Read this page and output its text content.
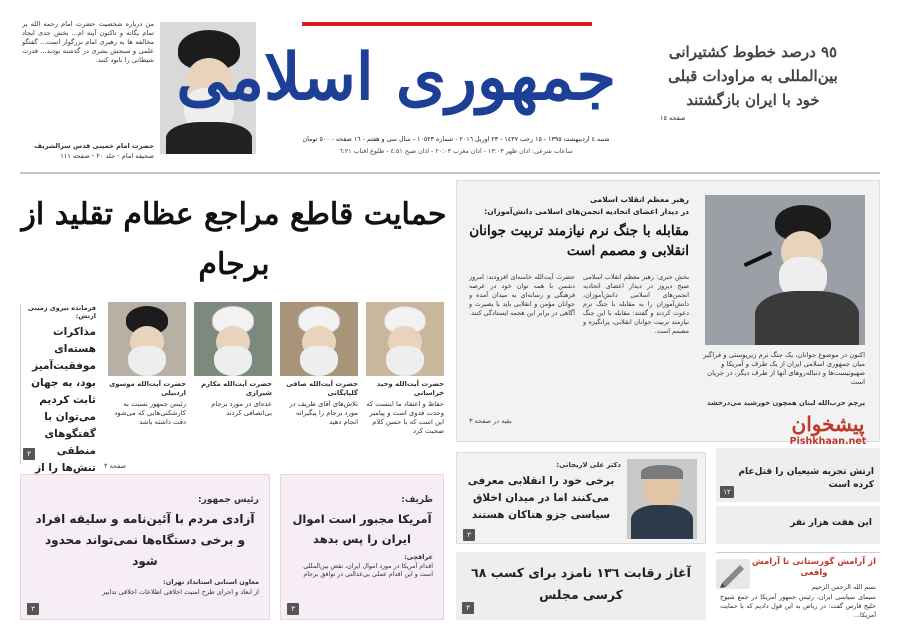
من درباره شخصیت حضرت امام رحمه الله بر تمام یگانه و تاکنون آینه ام... بخش جدی ایجاد مخالفه ها به رهبری امام بزرگوار است... گفتگو علمی و سنجش بشری در گذشته بودند... قدرت شیطانی را نابود کنند.
حضرت امام خمینی قدس سرالشریف
صحیفه امام - جلد ٢٠ - صفحه ١١١
جمهوری اسلامی
شنبه ٤ اردیبهشت ١٣٩٥ - ١٥ رجب ١٤٣٧ - ٢٣ آوریل ٢٠١٦ - شماره ١٠٥٢٣ - سال سی و هفتم - ١٦ صفحه - ٥٠٠ تومان
ساعات شرعی: اذان ظهر ١٣:٠٣ - اذان مغرب ٢٠:٠٣ - اذان صبح ٤:٥١ - طلوع آفتاب ٦:٢١
٩٥ درصد خطوط کشتیرانی بین‌المللی به مراودات قبلی خود با ایران بازگشتند
صفحه ١٥
حمایت قاطع مراجع عظام تقلید از برجام
اکنون در موضوع جوانان، یک جنگ نرم زیرپوستی و فراگیر میان جمهوری اسلامی ایران از یک طرف و آمریکا و صهیونیست‌ها و دنباله‌روهای آنها از طرف دیگر، در جریان است
پرچم حزب‌الله لبنان همچون خورشید می‌درخشد
رهبر معظم انقلاب اسلامی
در دیدار اعضای اتحادیه انجمن‌های اسلامی دانش‌آموزان:
مقابله با جنگ نرم نیازمند تربیت جوانان انقلابی و مصمم است
بخش خبری: رهبر معظم انقلاب اسلامی صبح دیروز در دیدار اعضای اتحادیه انجمن‌های اسلامی دانش‌آموزان، دانش‌آموزان را به مقابله با جنگ نرم دعوت کردند و گفتند: مقابله با این جنگ نیازمند تربیت جوانان انقلابی، پرانگیزه و مصمم است.
حضرت آیت‌الله خامنه‌ای افزودند: امروز دشمن با همه توان خود در عرصه فرهنگی و رسانه‌ای به میدان آمده و جوانان مؤمن و انقلابی باید با بصیرت و آگاهی در برابر این هجمه ایستادگی کنند.
بقیه در صفحه ٣	پیشخوان
Pishkhaan.net
حضرت آیت‌الله وحید خراسانی
حفاظ و اعتقاد ما اینست که وحدت فدوی است و پیامبر این است که با حسن کلام صحبت کرد
حضرت آیت‌الله صافی گلپایگانی
تلاش‌های آقای ظریف در مورد برجام را پیگیرانه انجام دهید
حضرت آیت‌الله مکارم شیرازی
عده‌ای در مورد برجام بی‌انصافی کردند
حضرت آیت‌الله موسوی اردبیلی
رئیس جمهور نسبت به کارشکنی‌هایی که می‌شود دقت داشته باشد
صفحه ٣
فرمانده نیروی زمینی ارتش:
مذاکرات هسته‌ای موفقیت‌آمیز بود، به جهان ثابت کردیم می‌توان با گفتگوهای منطقی تنش‌ها را از
٣
دکتر علی لاریجانی:
برخی خود را انقلابی معرفی می‌کنند اما در میدان اخلاق سیاسی جزو هتاکان هستند
٣
ارتش تجربه شیعیان را قتل‌عام کرده است
١٢
این هفت هزار نفر
رئیس جمهور:
آزادی مردم با آئین‌نامه و سلیقه افراد و برخی دستگاه‌ها نمی‌تواند محدود شود
معاون استانی استانداد تهران:
از ابعاد و اجرای طرح امنیت اخلاقی اطلاعات اخلاقی تدابیر
٣
ظریف:
آمریکا مجبور است اموال ایران را پس بدهد
عراقچی:
اقدام آمریکا در مورد اموال ایران، نقض بین‌المللی است و این اقدام عملی بی‌عدالتی در توافق برجام
٣
آغاز رقابت ١٣٦ نامزد برای کسب ٦٨ کرسی مجلس
٣
از آرامش گورستانی تا آرامش واقعی
بسم الله الرحمن الرحیم
سیمای سیاسی ایران، رئیس جمهور آمریکا در جمع شیوخ خلیج فارس گفت: در ریاض به این قول دادیم که با حمایت آمریکا...
